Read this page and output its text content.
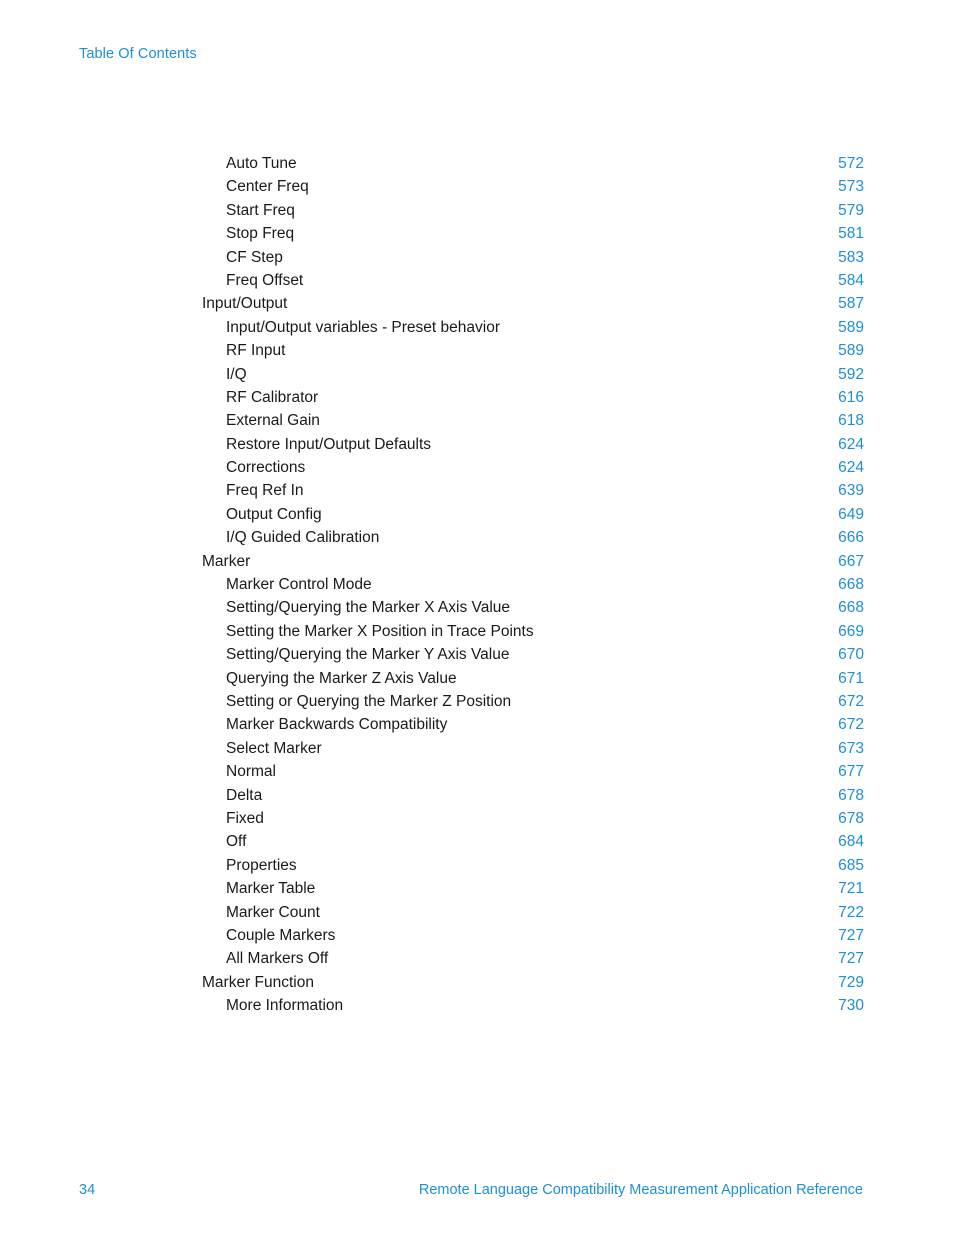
Table Of Contents
Auto Tune	572
Center Freq	573
Start Freq	579
Stop Freq	581
CF Step	583
Freq Offset	584
Input/Output	587
Input/Output variables - Preset behavior	589
RF Input	589
I/Q	592
RF Calibrator	616
External Gain	618
Restore Input/Output Defaults	624
Corrections	624
Freq Ref In	639
Output Config	649
I/Q Guided Calibration	666
Marker	667
Marker Control Mode	668
Setting/Querying the Marker X Axis Value	668
Setting the Marker X Position in Trace Points	669
Setting/Querying the Marker Y Axis Value	670
Querying the Marker Z Axis Value	671
Setting or Querying the Marker Z Position	672
Marker Backwards Compatibility	672
Select Marker	673
Normal	677
Delta	678
Fixed	678
Off	684
Properties	685
Marker Table	721
Marker Count	722
Couple Markers	727
All Markers Off	727
Marker Function	729
More Information	730
34	Remote Language Compatibility Measurement Application Reference
